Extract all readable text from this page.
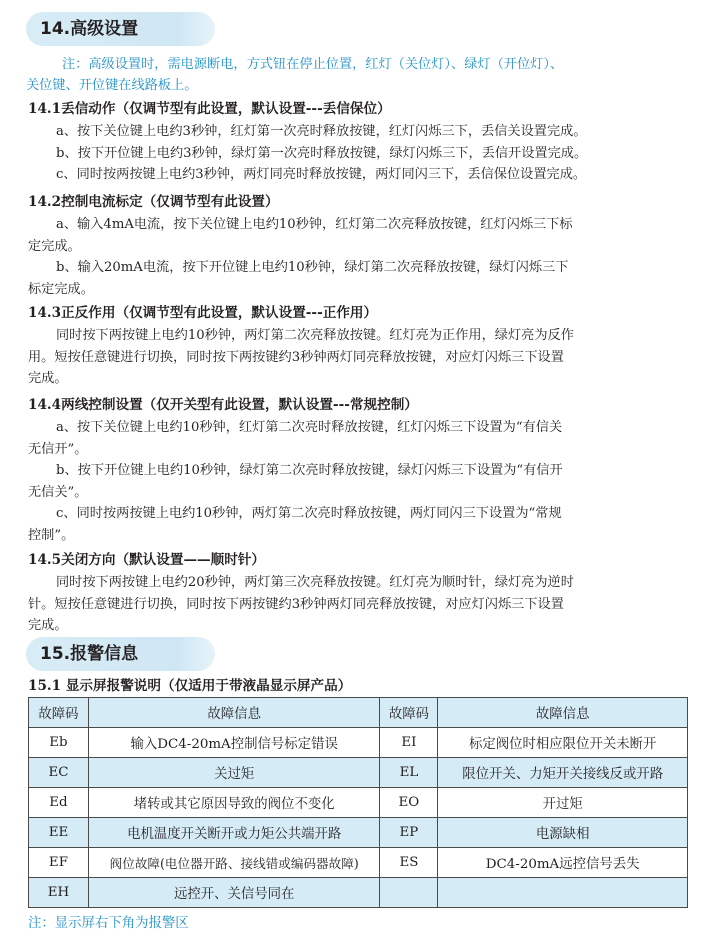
14.高级设置
注：高级设置时，需电源断电，方式钮在停止位置，红灯（关位灯）、绿灯（开位灯）、
关位键、开位键在线路板上。
14.1丢信动作（仅调节型有此设置，默认设置---丢信保位）
a、按下关位键上电约3秒钟，红灯第一次亮时释放按键，红灯闪烁三下，丢信关设置完成。
b、按下开位键上电约3秒钟，绿灯第一次亮时释放按键，绿灯闪烁三下，丢信开设置完成。
c、同时按两按键上电约3秒钟，两灯同亮时释放按键，两灯同闪三下，丢信保位设置完成。
14.2控制电流标定（仅调节型有此设置）
a、输入4mA电流，按下关位键上电约10秒钟，红灯第二次亮释放按键，红灯闪烁三下标
定完成。
b、输入20mA电流，按下开位键上电约10秒钟，绿灯第二次亮释放按键，绿灯闪烁三下
标定完成。
14.3正反作用（仅调节型有此设置，默认设置---正作用）
同时按下两按键上电约10秒钟，两灯第二次亮释放按键。红灯亮为正作用，绿灯亮为反作
用。短按任意键进行切换，同时按下两按键约3秒钟两灯同亮释放按键，对应灯闪烁三下设置
完成。
14.4两线控制设置（仅开关型有此设置，默认设置---常规控制）
a、按下关位键上电约10秒钟，红灯第二次亮时释放按键，红灯闪烁三下设置为“有信关
无信开”。
b、按下开位键上电约10秒钟，绿灯第二次亮时释放按键，绿灯闪烁三下设置为“有信开
无信关”。
c、同时按两按键上电约10秒钟，两灯第二次亮时释放按键，两灯同闪三下设置为“常规
控制”。
14.5关闭方向（默认设置——顺时针）
同时按下两按键上电约20秒钟，两灯第三次亮释放按键。红灯亮为顺时针，绿灯亮为逆时
针。短按任意键进行切换，同时按下两按键约3秒钟两灯同亮释放按键，对应灯闪烁三下设置
完成。
15.报警信息
15.1 显示屏报警说明（仅适用于带液晶显示屏产品）
故障码	故障信息	故障码	故障信息
Eb	输入DC4-20mA控制信号标定错误	EI	标定阀位时相应限位开关未断开
EC	关过矩	EL	限位开关、力矩开关接线反或开路
Ed	堵转或其它原因导致的阀位不变化	EO	开过矩
EE	电机温度开关断开或力矩公共端开路	EP	电源缺相
EF	阀位故障(电位器开路、接线错或编码器故障)	ES	DC4-20mA远控信号丢失
EH	远控开、关信号同在		
注：显示屏右下角为报警区
